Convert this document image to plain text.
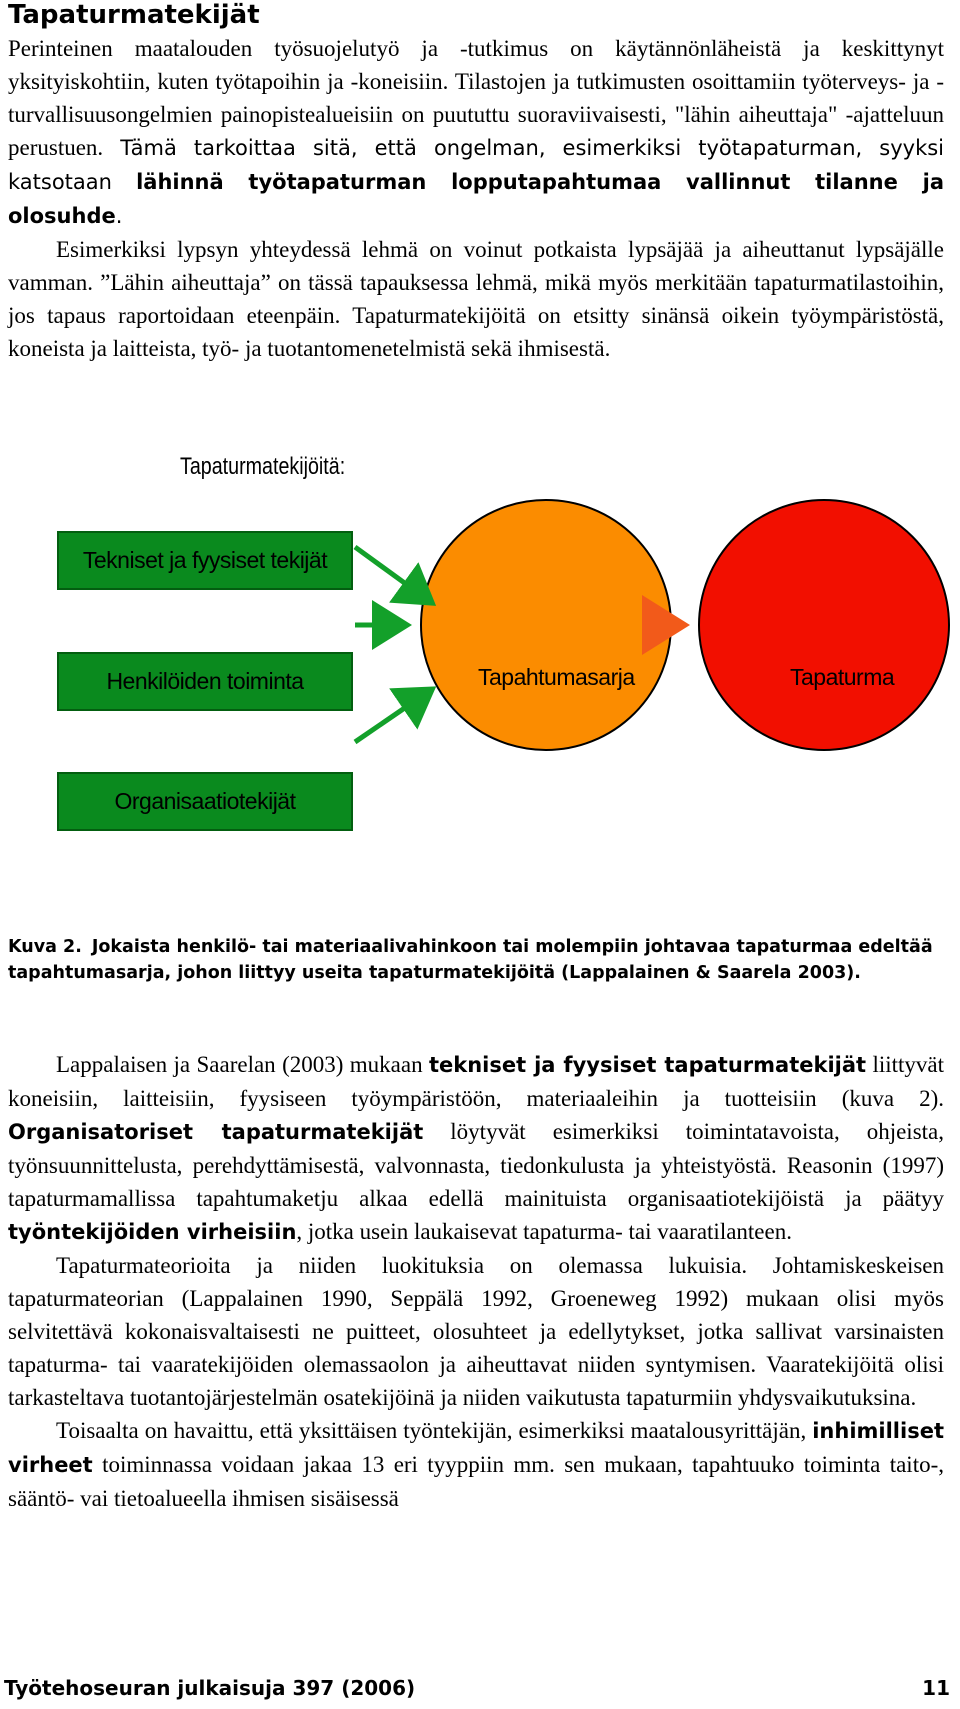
Tapaturmatekijät

Perinteinen maatalouden työsuojelutyö ja -tutkimus on käytännönläheistä ja keskittynyt yksityiskohtiin, kuten työtapoihin ja -koneisiin. Tilastojen ja tutkimusten osoittamiin työterveys- ja -turvallisuusongelmien painopistealueisiin on puututtu suoraviivaisesti, "lähin aiheuttaja" -ajatteluun perustuen. Tämä tarkoittaa sitä, että ongelman, esimerkiksi työtapaturman, syyksi katsotaan lähinnä työtapaturman lopputapahtumaa vallinnut tilanne ja olosuhde.

Esimerkiksi lypsyn yhteydessä lehmä on voinut potkaista lypsäjää ja aiheuttanut lypsäjälle vamman. ”Lähin aiheuttaja” on tässä tapauksessa lehmä, mikä myös merkitään tapaturmatilastoihin, jos tapaus raportoidaan eteenpäin. Tapaturmatekijöitä on etsitty sinänsä oikein työympäristöstä, koneista ja laitteista, työ- ja tuotantomenetelmistä sekä ihmisestä.

Tapaturmatekijöitä:
Tekniset ja fyysiset tekijät
Henkilöiden toiminta
Organisaatiotekijät
Tapahtumasarja	Tapaturma

Kuva 2. Jokaista henkilö- tai materiaalivahinkoon tai molempiin johtavaa tapaturmaa edeltää tapahtumasarja, johon liittyy useita tapaturmatekijöitä (Lappalainen & Saarela 2003).

Lappalaisen ja Saarelan (2003) mukaan tekniset ja fyysiset tapaturmatekijät liittyvät koneisiin, laitteisiin, fyysiseen työympäristöön, materiaaleihin ja tuotteisiin (kuva 2). Organisatoriset tapaturmatekijät löytyvät esimerkiksi toimintatavoista, ohjeista, työnsuunnittelusta, perehdyttämisestä, valvonnasta, tiedonkulusta ja yhteistyöstä. Reasonin (1997) tapaturmamallissa tapahtumaketju alkaa edellä mainituista organisaatiotekijöistä ja päätyy työntekijöiden virheisiin, jotka usein laukaisevat tapaturma- tai vaaratilanteen.

Tapaturmateorioita ja niiden luokituksia on olemassa lukuisia. Johtamiskeskeisen tapaturmateorian (Lappalainen 1990, Seppälä 1992, Groeneweg 1992) mukaan olisi myös selvitettävä kokonaisvaltaisesti ne puitteet, olosuhteet ja edellytykset, jotka sallivat varsinaisten tapaturma- tai vaaratekijöiden olemassaolon ja aiheuttavat niiden syntymisen. Vaaratekijöitä olisi tarkasteltava tuotantojärjestelmän osatekijöinä ja niiden vaikutusta tapaturmiin yhdysvaikutuksina.

Toisaalta on havaittu, että yksittäisen työntekijän, esimerkiksi maatalousyrittäjän, inhimilliset virheet toiminnassa voidaan jakaa 13 eri tyyppiin mm. sen mukaan, tapahtuuko toiminta taito-, sääntö- vai tietoalueella ihmisen sisäisessä

Työtehoseuran julkaisuja 397 (2006)	11
